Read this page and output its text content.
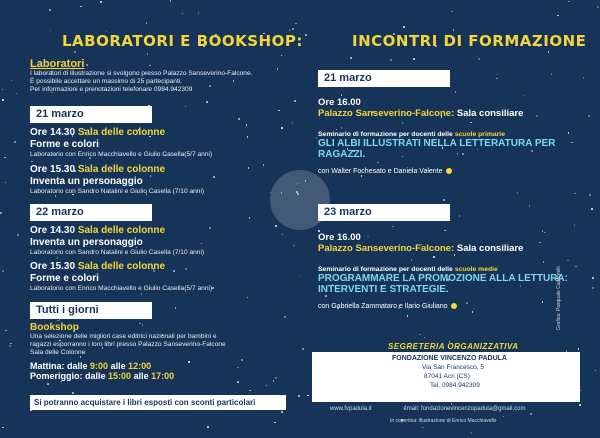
LABORATORI E BOOKSHOP:
Laboratori
I laboratori di illustrazione si svolgono presso Palazzo Sanseverino-Falcone.
È possibile accettare un massimo di 25 partecipanti.
Per informazioni e prenotazioni telefonare 0984.942309
21 marzo
Ore 14.30 Sala delle colonne
Forme e colori
Laboratorio con Enrico Macchiavello e Giulio Casella(5/7 anni)
Ore 15.30 Sala delle colonne
Inventa un personaggio
Laboratorio con Sandro Natalini e Giulio Casella (7/10 anni)
22 marzo
Ore 14.30 Sala delle colonne
Inventa un personaggio
Laboratorio con Sandro Natalini e Giulio Casella (7/10 anni)
Ore 15.30 Sala delle colonne
Forme e colori
Laboratorio con Enrico Macchiavello e Giulio Casella(5/7 anni)
Tutti i giorni
Bookshop
Una selezione delle migliori case editrici nazionali per bambini e
ragazzi esporranno i loro libri presso Palazzo Sanseverino-Falcone
Sala delle Colonne
Mattina: dalle 9:00 alle 12:00
Pomeriggio: dalle 15:00 alle 17:00
Si potranno acquistare i libri esposti con sconti particolari
INCONTRI DI FORMAZIONE
21 marzo
Ore 16.00
Palazzo Sanseverino-Falcone: Sala consiliare
Seminario di formazione per docenti delle scuole primarie
GLI ALBI ILLUSTRATI NELLA LETTERATURA PER RAGAZZI.
con Walter Fochesato e Daniela Valente
23 marzo
Ore 16.00
Palazzo Sanseverino-Falcone: Sala consiliare
Seminario di formazione per docenti delle scuole medie
PROGRAMMARE LA PROMOZIONE ALLA LETTURA: INTERVENTI E STRATEGIE.
con Gabriella Zammataro e Ilario Giuliano
SEGRETERIA ORGANIZZATIVA
FONDAZIONE VINCENZO PADULA
Via San Francesco, 5
87041 Acri (CS)
Tel. 0984.942309
www.fvpadula.it	email: fondazionevincenzopadula@gmail.com
In copertina: illustrazione di Enrico Macchiavello
Grafica: Pasquale Capparelli
